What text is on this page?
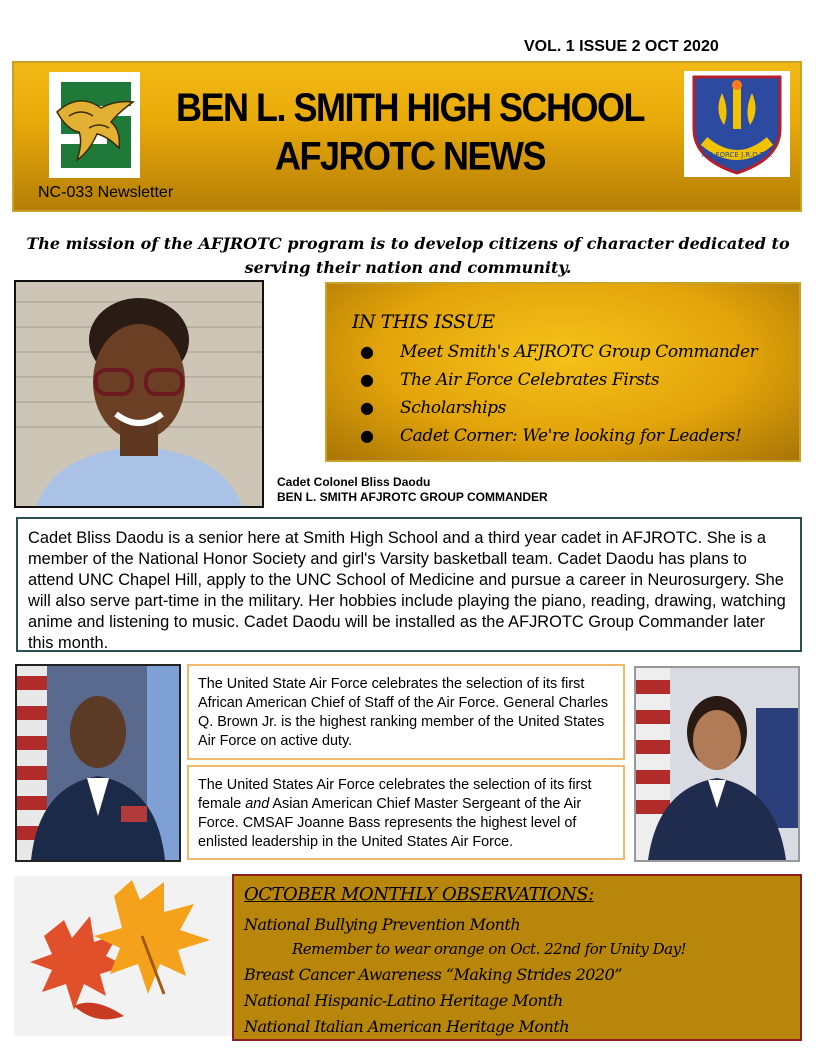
VOL. 1 ISSUE 2 OCT 2020
BEN L. SMITH HIGH SCHOOL
AFJROTC NEWS
NC-033 Newsletter
AIR FORCE J.R.O.T.C.
The mission of the AFJROTC program is to develop citizens of character dedicated to serving their nation and community.
IN THIS ISSUE
● Meet Smith's AFJROTC Group Commander
● The Air Force Celebrates Firsts
● Scholarships
● Cadet Corner: We're looking for Leaders!
Cadet Colonel Bliss Daodu
BEN L. SMITH AFJROTC GROUP COMMANDER
Cadet Bliss Daodu is a senior here at Smith High School and a third year cadet in AFJROTC. She is a member of the National Honor Society and girl's Varsity basketball team. Cadet Daodu has plans to attend UNC Chapel Hill, apply to the UNC School of Medicine and pursue a career in Neurosurgery. She will also serve part-time in the military. Her hobbies include playing the piano, reading, drawing, watching anime and listening to music. Cadet Daodu will be installed as the AFJROTC Group Commander later this month.
The United State Air Force celebrates the selection of its first African American Chief of Staff of the Air Force. General Charles Q. Brown Jr. is the highest ranking member of the United States Air Force on active duty.
The United States Air Force celebrates the selection of its first female and Asian American Chief Master Sergeant of the Air Force. CMSAF Joanne Bass represents the highest level of enlisted leadership in the United States Air Force.
OCTOBER MONTHLY OBSERVATIONS:
National Bullying Prevention Month
Remember to wear orange on Oct. 22nd for Unity Day!
Breast Cancer Awareness “Making Strides 2020”
National Hispanic-Latino Heritage Month
National Italian American Heritage Month
